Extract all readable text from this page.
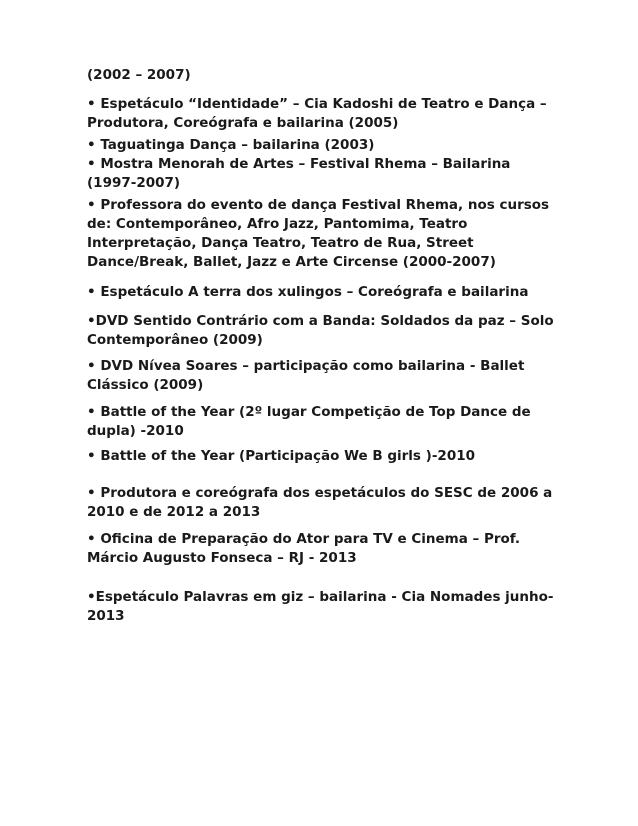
(2002 – 2007)
• Espetáculo “Identidade” – Cia Kadoshi de Teatro e Dança –
Produtora, Coreógrafa e bailarina (2005)
• Taguatinga Dança – bailarina (2003)
• Mostra Menorah de Artes – Festival Rhema – Bailarina
(1997-2007)
• Professora do evento de dança Festival Rhema, nos cursos
de: Contemporâneo, Afro Jazz, Pantomima, Teatro
Interpretação, Dança Teatro, Teatro de Rua, Street
Dance/Break, Ballet, Jazz e Arte Circense (2000-2007)
• Espetáculo A terra dos xulingos – Coreógrafa e bailarina
•DVD Sentido Contrário com a Banda: Soldados da paz – Solo
Contemporâneo (2009)
• DVD Nívea Soares – participação como bailarina - Ballet
Clássico (2009)
• Battle of the Year (2º lugar Competição de Top Dance de
dupla) -2010
• Battle of the Year (Participação We B girls )-2010
• Produtora e coreógrafa dos espetáculos do SESC de 2006 a
2010 e de 2012 a 2013
• Oficina de Preparação do Ator para TV e Cinema – Prof.
Márcio Augusto Fonseca – RJ - 2013
•Espetáculo Palavras em giz – bailarina - Cia Nomades junho-
2013
